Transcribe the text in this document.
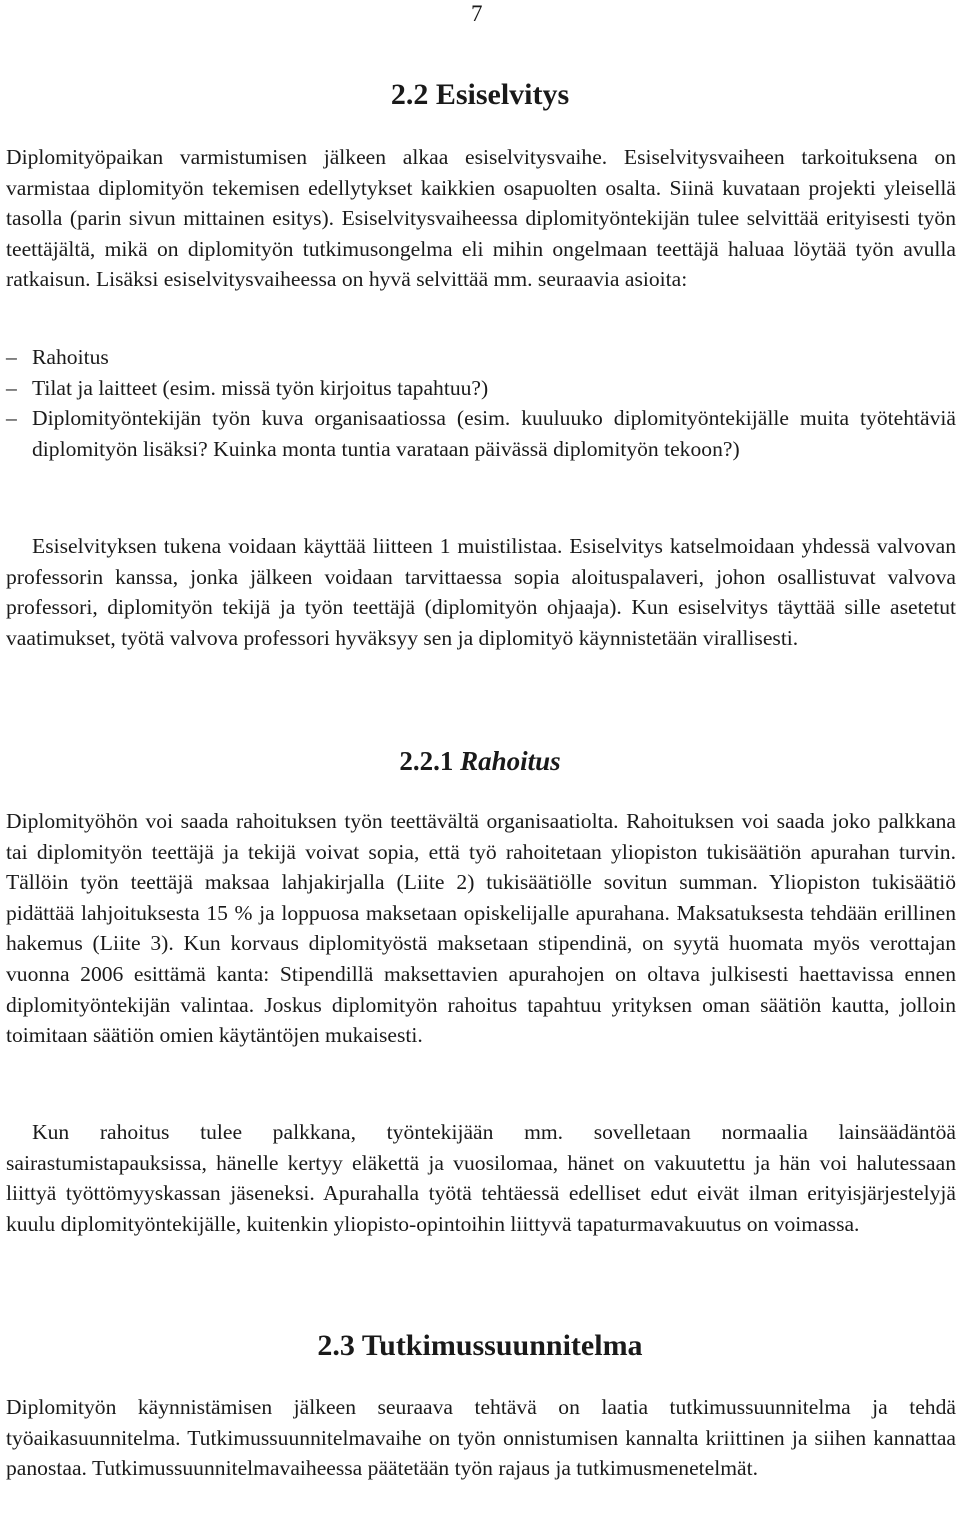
7
2.2 Esiselvitys

Diplomityöpaikan varmistumisen jälkeen alkaa esiselvitysvaihe. Esiselvitysvaiheen tarkoituksena on varmistaa diplomityön tekemisen edellytykset kaikkien osapuolten osalta. Siinä kuvataan projekti yleisellä tasolla (parin sivun mittainen esitys). Esiselvitysvaiheessa diplomityöntekijän tulee selvittää erityisesti työn teettäjältä, mikä on diplomityön tutkimusongelma eli mihin ongelmaan teettäjä haluaa löytää työn avulla ratkaisun. Lisäksi esiselvitysvaiheessa on hyvä selvittää mm. seuraavia asioita:

– Rahoitus
– Tilat ja laitteet (esim. missä työn kirjoitus tapahtuu?)
– Diplomityöntekijän työn kuva organisaatiossa (esim. kuuluuko diplomityöntekijälle muita työtehtäviä diplomityön lisäksi? Kuinka monta tuntia varataan päivässä diplomityön tekoon?)

Esiselvityksen tukena voidaan käyttää liitteen 1 muistilistaa. Esiselvitys katselmoidaan yhdessä valvovan professorin kanssa, jonka jälkeen voidaan tarvittaessa sopia aloituspalaveri, johon osallistuvat valvova professori, diplomityön tekijä ja työn teettäjä (diplomityön ohjaaja). Kun esiselvitys täyttää sille asetetut vaatimukset, työtä valvova professori hyväksyy sen ja diplomityö käynnistetään virallisesti.

2.2.1 Rahoitus

Diplomityöhön voi saada rahoituksen työn teettävältä organisaatiolta. Rahoituksen voi saada joko palkkana tai diplomityön teettäjä ja tekijä voivat sopia, että työ rahoitetaan yliopiston tukisäätiön apurahan turvin. Tällöin työn teettäjä maksaa lahjakirjalla (Liite 2) tukisäätiölle sovitun summan. Yliopiston tukisäätiö pidättää lahjoituksesta 15 % ja loppuosa maksetaan opiskelijalle apurahana. Maksatuksesta tehdään erillinen hakemus (Liite 3). Kun korvaus diplomityöstä maksetaan stipendinä, on syytä huomata myös verottajan vuonna 2006 esittämä kanta: Stipendillä maksettavien apurahojen on oltava julkisesti haettavissa ennen diplomityöntekijän valintaa. Joskus diplomityön rahoitus tapahtuu yrityksen oman säätiön kautta, jolloin toimitaan säätiön omien käytäntöjen mukaisesti.

Kun rahoitus tulee palkkana, työntekijään mm. sovelletaan normaalia lainsäädäntöä sairastumistapauksissa, hänelle kertyy eläkettä ja vuosilomaa, hänet on vakuutettu ja hän voi halutessaan liittyä työttömyyskassan jäseneksi. Apurahalla työtä tehtäessä edelliset edut eivät ilman erityisjärjestelyjä kuulu diplomityöntekijälle, kuitenkin yliopisto-opintoihin liittyvä tapaturmavakuutus on voimassa.

2.3 Tutkimussuunnitelma

Diplomityön käynnistämisen jälkeen seuraava tehtävä on laatia tutkimussuunnitelma ja tehdä työaikasuunnitelma. Tutkimussuunnitelmavaihe on työn onnistumisen kannalta kriittinen ja siihen kannattaa panostaa. Tutkimussuunnitelmavaiheessa päätetään työn rajaus ja tutkimusmenetelmät.
